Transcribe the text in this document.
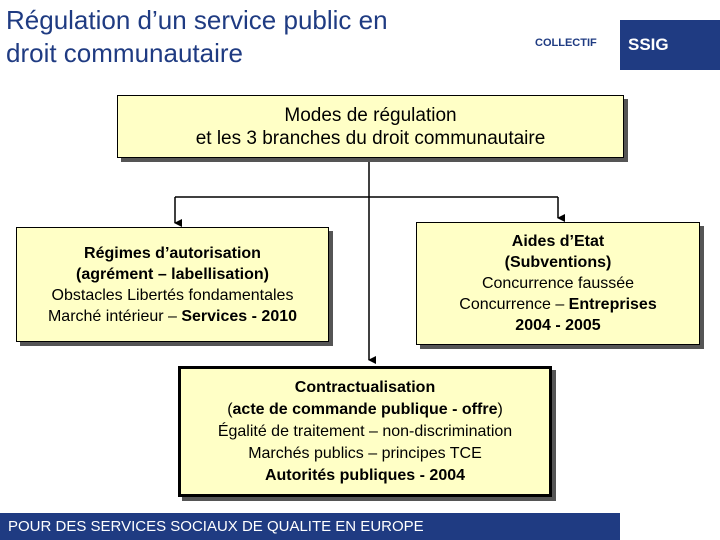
Régulation d’un service public en
droit communautaire	COLLECTIF SSIG
Modes de régulation
et les 3 branches du droit communautaire
Régimes d’autorisation
(agrément – labellisation)
Obstacles Libertés fondamentales
Marché intérieur – Services - 2010
Aides d’Etat
(Subventions)
Concurrence faussée
Concurrence – Entreprises
2004 - 2005
Contractualisation
(acte de commande publique - offre)
Égalité de traitement – non-discrimination
Marchés publics – principes TCE
Autorités publiques - 2004
POUR DES SERVICES SOCIAUX DE QUALITE EN EUROPE
